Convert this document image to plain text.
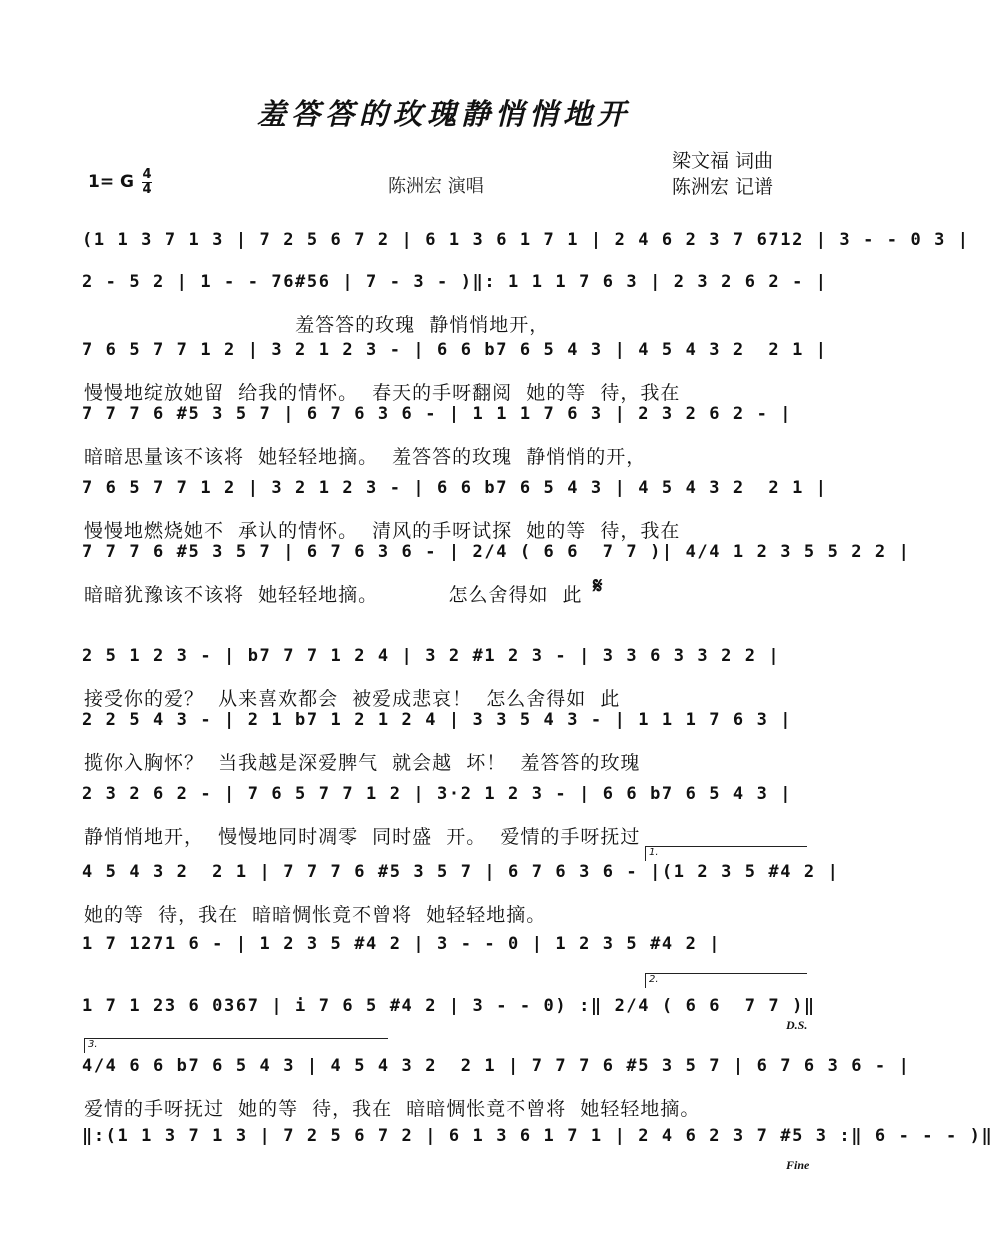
羞答答的玫瑰静悄悄地开
梁文福 词曲
陈洲宏 记谱
1= G 4
4	陈洲宏 演唱
(1 1 3 7 1 3 | 7 2 5 6 7 2 | 6 1 3 6 1 7 1 | 2 4 6 2 3 7 6712 | 3 - - 0 3 |
2 - 5 2 | 1 - - 76#56 | 7 - 3 - )‖: 1 1 1 7 6 3 | 2 3 2 6 2 - |
羞答答的玫瑰  静悄悄地开，
7 6 5 7 7 1 2 | 3 2 1 2 3 - | 6 6 b7 6 5 4 3 | 4 5 4 3 2  2 1 |
慢慢地绽放她留  给我的情怀。  春天的手呀翻阅  她的等  待，我在
7 7 7 6 #5 3 5 7 | 6 7 6 3 6 - | 1 1 1 7 6 3 | 2 3 2 6 2 - |
暗暗思量该不该将  她轻轻地摘。  羞答答的玫瑰  静悄悄的开，
7 6 5 7 7 1 2 | 3 2 1 2 3 - | 6 6 b7 6 5 4 3 | 4 5 4 3 2  2 1 |
慢慢地燃烧她不  承认的情怀。  清风的手呀试探  她的等  待，我在
7 7 7 6 #5 3 5 7 | 6 7 6 3 6 - | 2/4 ( 6 6  7 7 )| 4/4 1 2 3 5 5 2 2 |
暗暗犹豫该不该将  她轻轻地摘。          怎么舍得如  此
2 5 1 2 3 - | b7 7 7 1 2 4 | 3 2 #1 2 3 - | 3 3 6 3 3 2 2 |
接受你的爱？  从来喜欢都会  被爱成悲哀！  怎么舍得如  此
2 2 5 4 3 - | 2 1 b7 1 2 1 2 4 | 3 3 5 4 3 - | 1 1 1 7 6 3 |
揽你入胸怀？  当我越是深爱脾气  就会越  坏！  羞答答的玫瑰
2 3 2 6 2 - | 7 6 5 7 7 1 2 | 3·2 1 2 3 - | 6 6 b7 6 5 4 3 |
静悄悄地开，  慢慢地同时凋零  同时盛  开。  爱情的手呀抚过
4 5 4 3 2  2 1 | 7 7 7 6 #5 3 5 7 | 6 7 6 3 6 - |(1 2 3 5 #4 2 |
她的等  待，我在  暗暗惆怅竟不曾将  她轻轻地摘。
1 7 1271 6 - | 1 2 3 5 #4 2 | 3 - - 0 | 1 2 3 5 #4 2 |
1 7 1 23 6 0367 | i 7 6 5 #4 2 | 3 - - 0) :‖ 2/4 ( 6 6  7 7 )‖
4/4 6 6 b7 6 5 4 3 | 4 5 4 3 2  2 1 | 7 7 7 6 #5 3 5 7 | 6 7 6 3 6 - |
爱情的手呀抚过  她的等  待，我在  暗暗惆怅竟不曾将  她轻轻地摘。
‖:(1 1 3 7 1 3 | 7 2 5 6 7 2 | 6 1 3 6 1 7 1 | 2 4 6 2 3 7 #5 3 :‖ 6 - - - )‖
1.
2.
3.
𝄋
D.S.
Fine
